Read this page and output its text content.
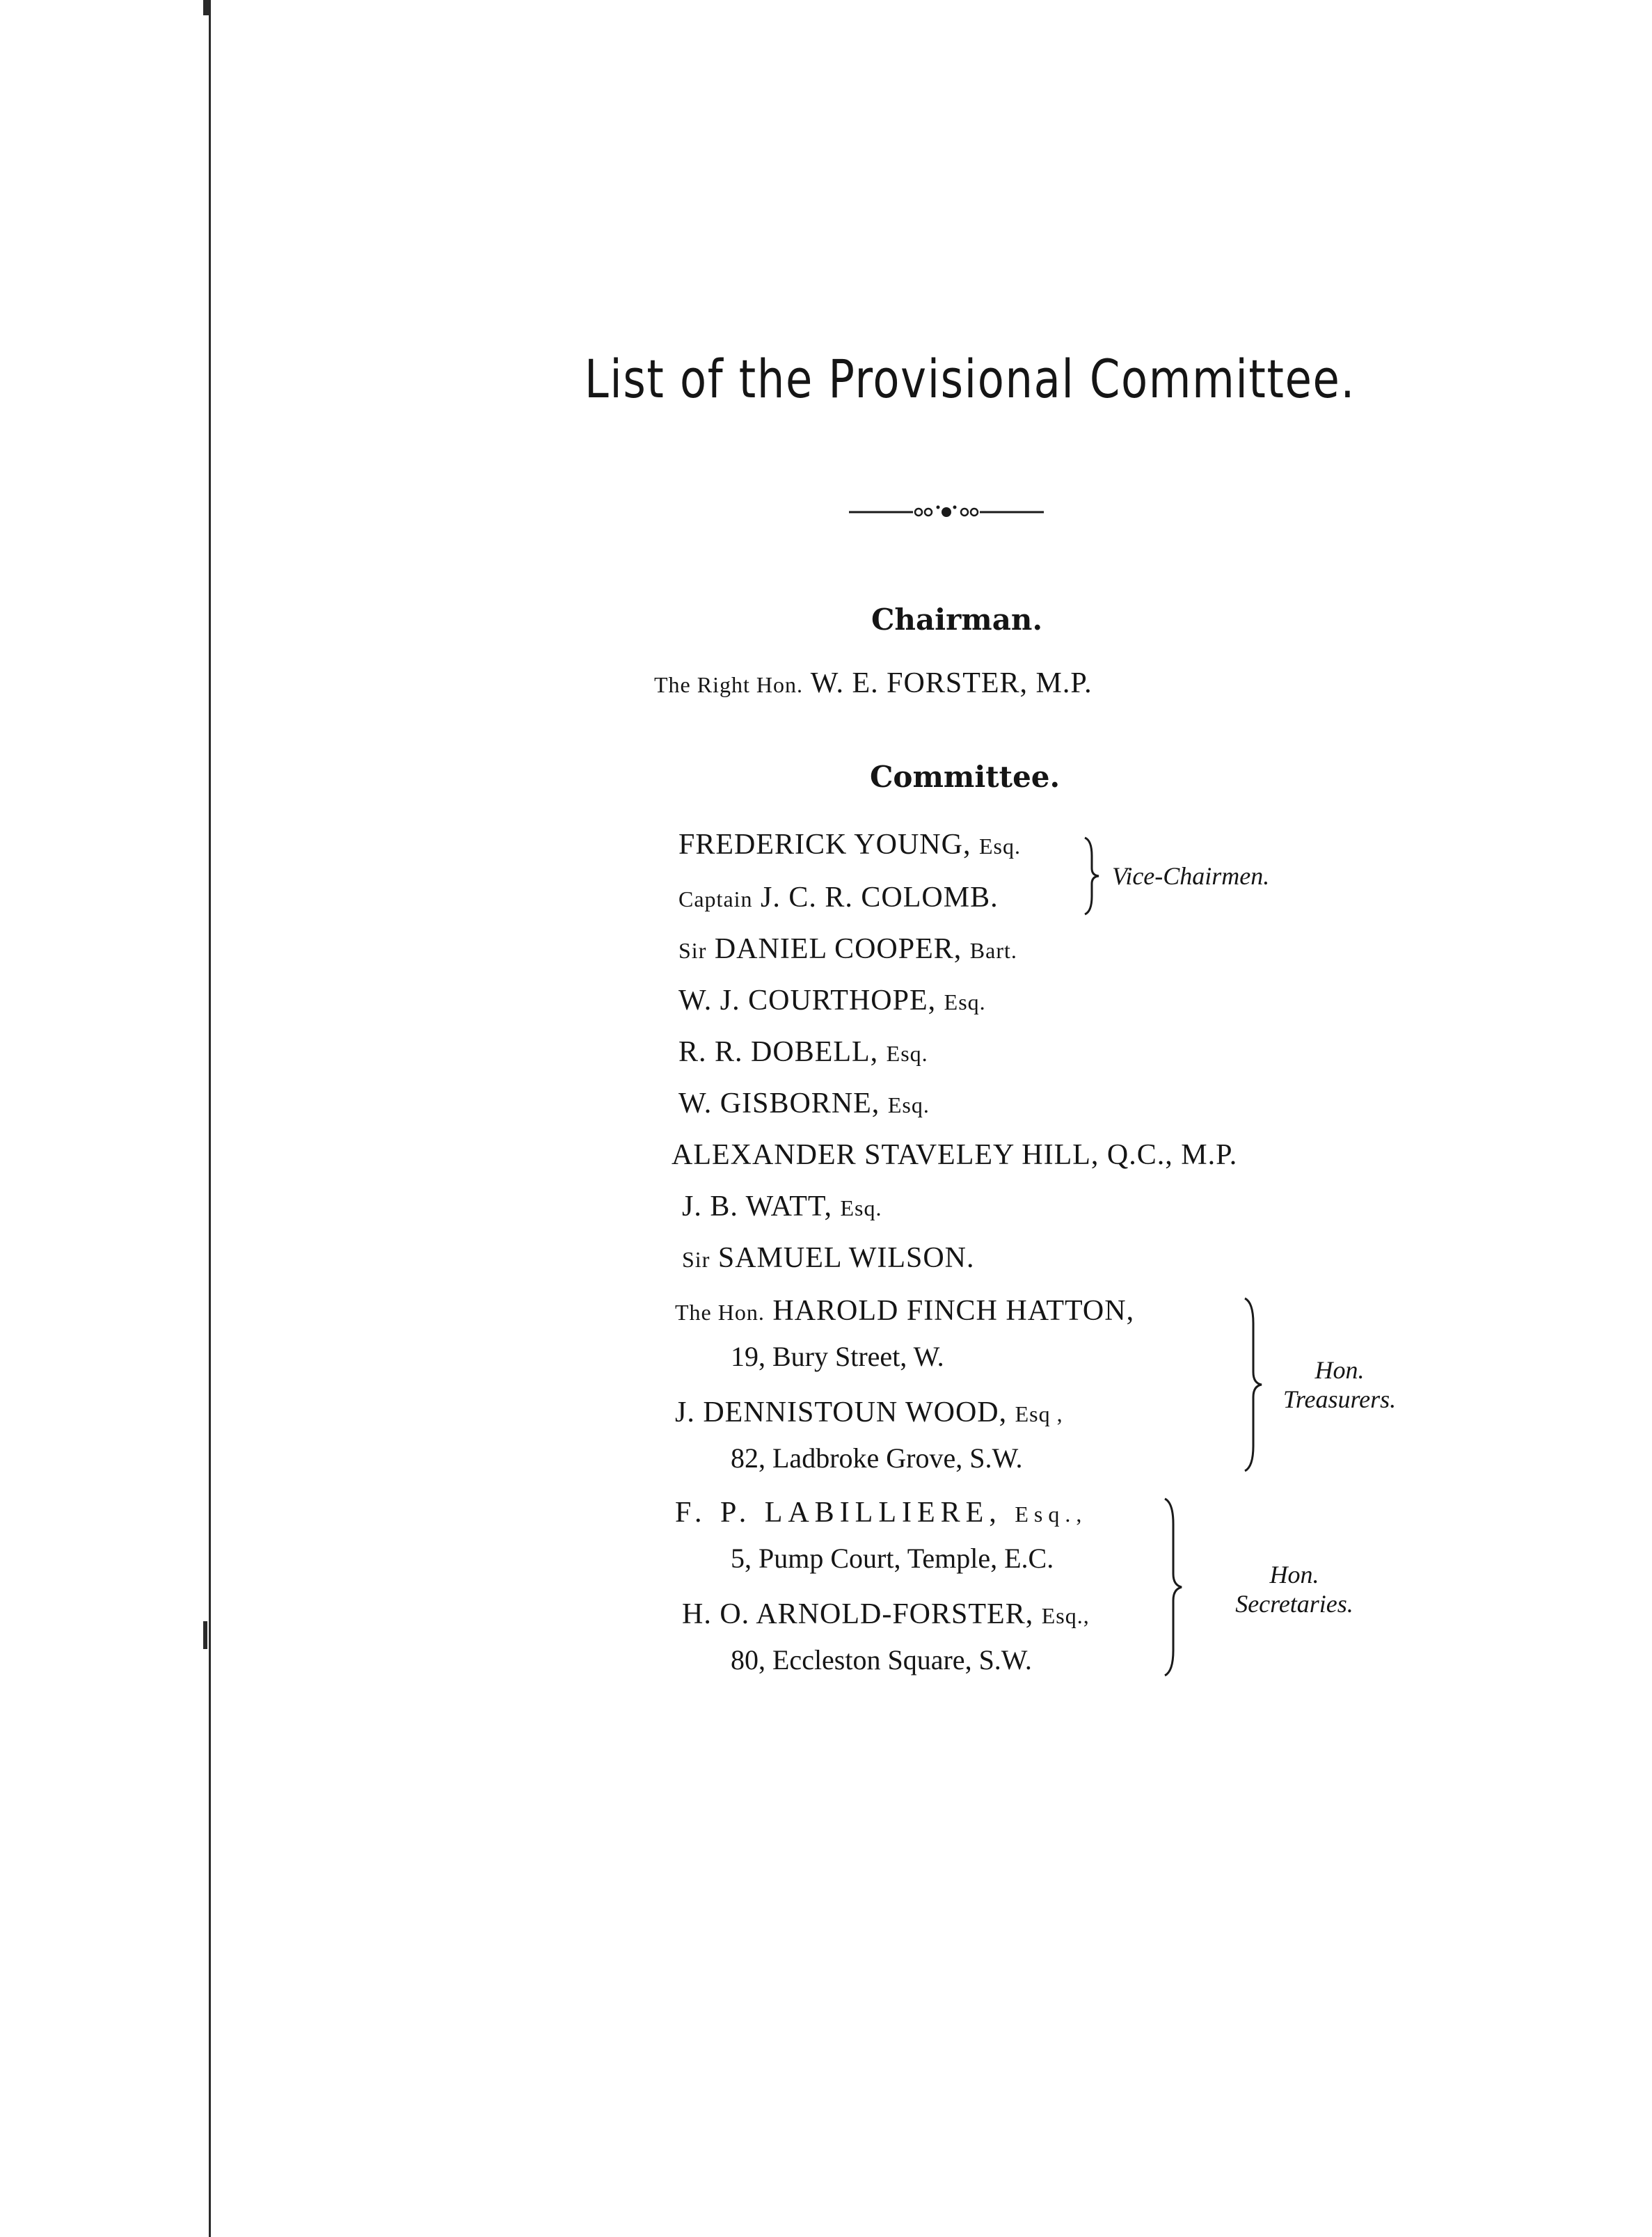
List of the Provisional Committee.
Chairman.
The Right Hon. W. E. FORSTER, M.P.
Committee.
FREDERICK YOUNG, Esq.
Captain J. C. R. COLOMB.
Vice-Chairmen.
Sir DANIEL COOPER, Bart.
W. J. COURTHOPE, Esq.
R. R. DOBELL, Esq.
W. GISBORNE, Esq.
ALEXANDER STAVELEY HILL, Q.C., M.P.
J. B. WATT, Esq.
Sir SAMUEL WILSON.
The Hon. HAROLD FINCH HATTON,
19, Bury Street, W.
J. DENNISTOUN WOOD, Esq ,
82, Ladbroke Grove, S.W.
Hon.
Treasurers.
F. P. LABILLIERE, Esq.,
5, Pump Court, Temple, E.C.
H. O. ARNOLD-FORSTER, Esq.,
80, Eccleston Square, S.W.
Hon.
Secretaries.
